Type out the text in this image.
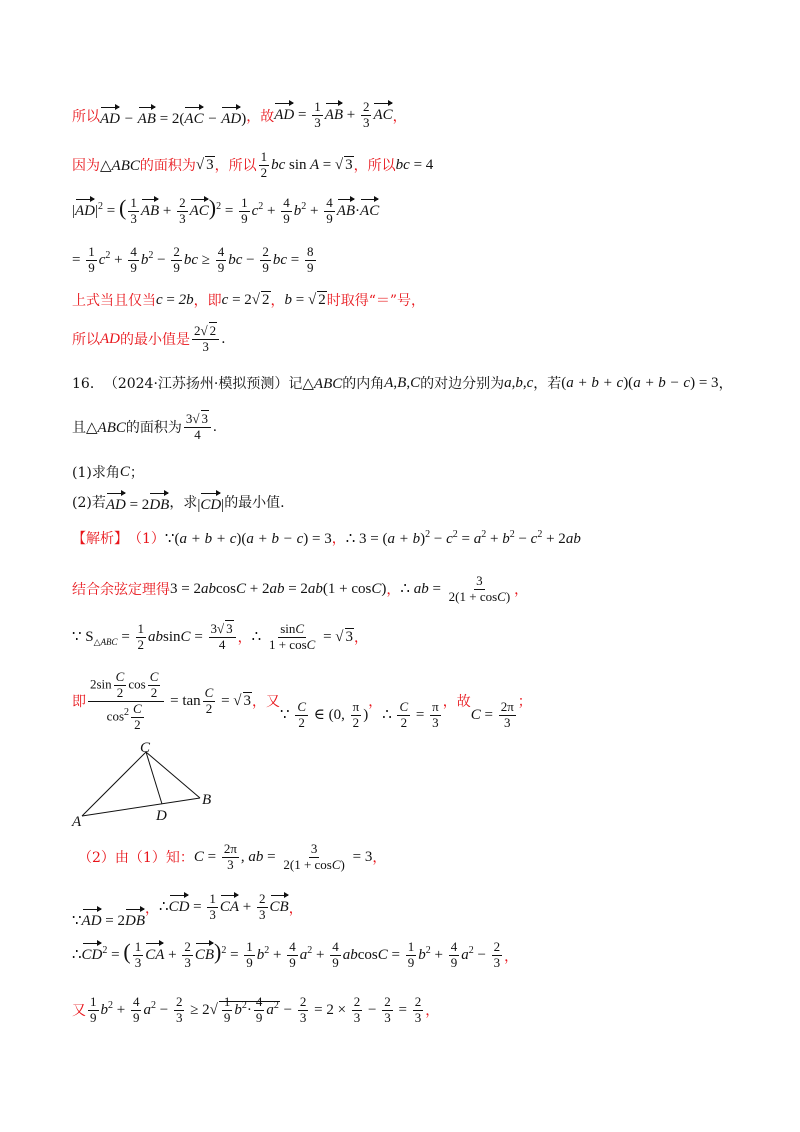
所以 AD − AB = 2(AC − AD) ，故 AD = $\frac{1}{3}$ AB + $\frac{2}{3}$ AC ，
因为 △ABC 的面积为 √ 3 ，所以 $\frac{1}{2}$ bc sin A = √ 3 ，所以 bc = 4
$|AD|^2$ = ( $\frac{1}{3}$ AB + $\frac{2}{3} AC)^2 = \frac{1}{9} c^2 + \frac{4}{9} b^2 + \frac{4}{9} AB\cdot AC$
= $\frac{1}{9} c^2 + \frac{4}{9} b^2 - \frac{2}{9}$ bc ≥ $\frac{4}{9}$ bc − $\frac{2}{9}$ bc = $\frac{8}{9}$
上式当且仅当 c = 2b ，即 c = 2√ 2 ， b = √ 2 时取得“＝”号，
所以 AD 的最小值是 $\frac{2√ 2}{3}$ .
16． （2024·江苏扬州·模拟预测） 记 △ABC 的内角 A,B,C 的对边分别为 a,b,c ，若 (a + b + c)(a + b − c) = 3 ，
且 △ABC 的面积为 $\frac{3√ 3}{4}$ .
(1)求角 C ；
(2)若 AD = 2DB ，求 |CD| 的最小值.
【解析】 （1） ∵(a + b + c)(a + b − c) = 3 ， ∴ $3 = (a + b)^2 - c^2 = a^2 + b^2 - c^2 + 2ab$
结合余弦定理得 3 = 2abcosC + 2ab = 2ab(1 + cosC) ， ∴ ab = $\frac{3}{2(1 + \cos C)}$ ，
∵ $S_{\triangle ABC} = \frac{1}{2}$ $absinC = \frac{3√ 3}{4}$ ， ∴ $\frac{\sin C}{1 + \cos C}$ = √ 3 ，
即 $\frac{2\sin \frac{C}{2} \cos \frac{C}{2}}{\cos^2 \frac{C}{2}} = \tan \frac{C}{2}$ = √ 3 ，又
∵ $\frac{C}{2}$ ∈ (0, $\frac{\pi}{2}$ )
，
∴ $\frac{C}{2} = \frac{\pi}{3}$ ，故
$C = \frac{2\pi}{3}$ ；
C
A
B
D
（2）由（1）知： $C = \frac{2\pi}{3}$ , ab = $\frac{3}{2(1 + \cos C)} = 3$ ，
∵AD = 2DB
， ∴CD = $\frac{1}{3}$ CA + $\frac{2}{3}$ CB ，
$\therefore CD^2$ = ( $\frac{1}{3}$ CA + $\frac{2}{3} CB)^2 = \frac{1}{9} b^2 + \frac{4}{9} a^2 + \frac{4}{9}$ $abcosC = \frac{1}{9} b^2 + \frac{4}{9} a^2 - \frac{2}{3}$ ，
又 $\frac{1}{9} b^2 + \frac{4}{9} a^2 - \frac{2}{3} \ge 2√ \frac{1}{9} b^2\cdot \frac{4}{9} a^2 - \frac{2}{3} = 2 \times \frac{2}{3} - \frac{2}{3} = \frac{2}{3}$ ，
